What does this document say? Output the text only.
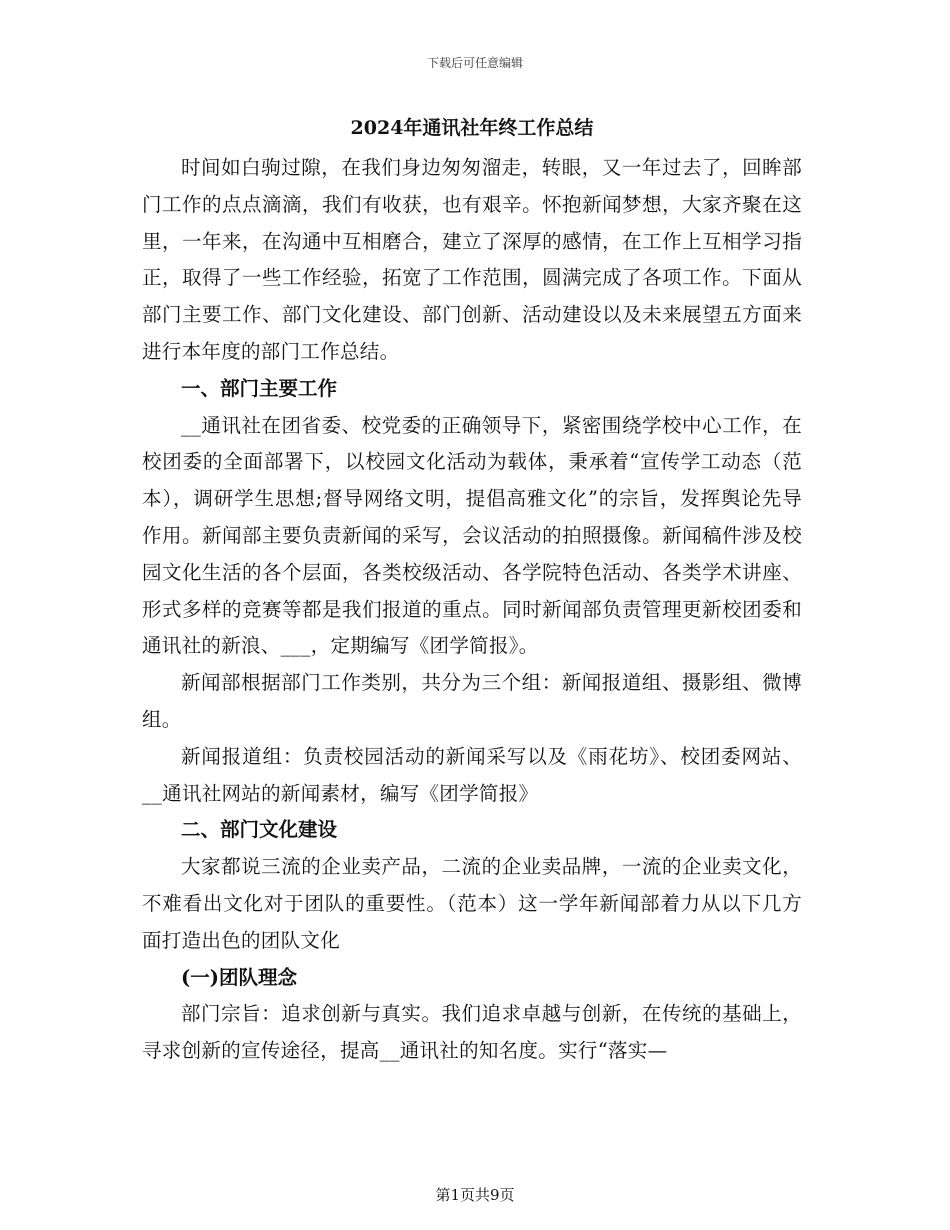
下载后可任意编辑
2024年通讯社年终工作总结

时间如白驹过隙，在我们身边匆匆溜走，转眼，又一年过去了，回眸部门工作的点点滴滴，我们有收获，也有艰辛。怀抱新闻梦想，大家齐聚在这里，一年来，在沟通中互相磨合，建立了深厚的感情，在工作上互相学习指正，取得了一些工作经验，拓宽了工作范围，圆满完成了各项工作。下面从部门主要工作、部门文化建设、部门创新、活动建设以及未来展望五方面来进行本年度的部门工作总结。

一、部门主要工作

__通讯社在团省委、校党委的正确领导下，紧密围绕学校中心工作，在校团委的全面部署下，以校园文化活动为载体，秉承着“宣传学工动态（范本），调研学生思想;督导网络文明，提倡高雅文化”的宗旨，发挥舆论先导作用。新闻部主要负责新闻的采写，会议活动的拍照摄像。新闻稿件涉及校园文化生活的各个层面，各类校级活动、各学院特色活动、各类学术讲座、形式多样的竞赛等都是我们报道的重点。同时新闻部负责管理更新校团委和通讯社的新浪、___，定期编写《团学简报》。

新闻部根据部门工作类别，共分为三个组：新闻报道组、摄影组、微博组。

新闻报道组：负责校园活动的新闻采写以及《雨花坊》、校团委网站、__通讯社网站的新闻素材，编写《团学简报》

二、部门文化建设

大家都说三流的企业卖产品，二流的企业卖品牌，一流的企业卖文化，不难看出文化对于团队的重要性。（范本）这一学年新闻部着力从以下几方面打造出色的团队文化

(一)团队理念

部门宗旨：追求创新与真实。我们追求卓越与创新，在传统的基础上，寻求创新的宣传途径，提高__通讯社的知名度。实行“落实—

第1页共9页
